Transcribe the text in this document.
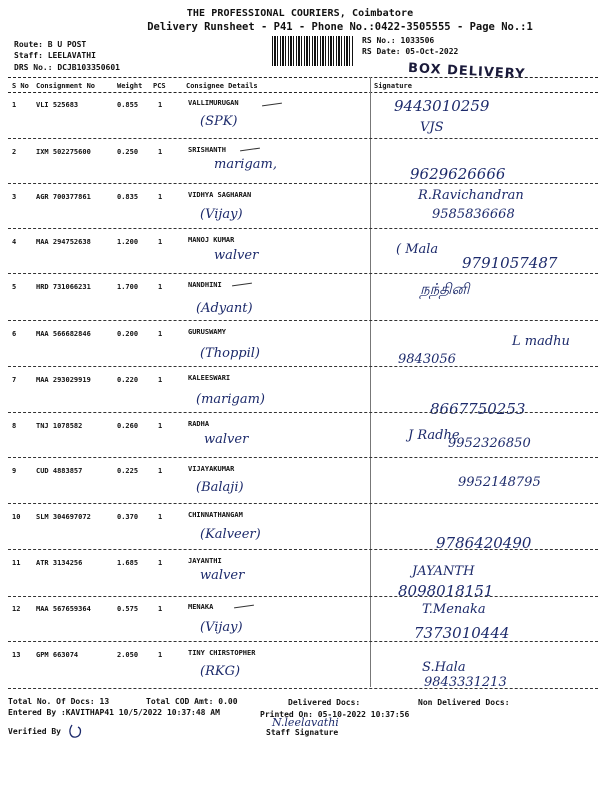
THE PROFESSIONAL COURIERS, Coimbatore
Delivery Runsheet - P41 - Phone No.:0422-3505555 - Page No.:1
Route: B U POST
Staff: LEELAVATHI
DRS No.: DCJB103350601
RS No.: 1033506
RS Date: 05-Oct-2022
BOX DELIVERY
S No Consignment No	Weight PCS	Consignee Details	Signature
1	VLI 525683	0.855	1	VALLIMURUGAN
(SPK)
9443010259
VJS
2	IXM 502275600	0.250	1	SRISHANTH
marigam,
9629626666
3	AGR 700377861	0.835	1	VIDHYA SAGHARAN
(Vijay)
R.Ravichandran
9585836668
4	MAA 294752638	1.200	1	MANOJ KUMAR
walver	( Mala
9791057487
5	HRD 731066231	1.700	1	NANDHINI
(Adyant)
நந்தினி
6	MAA 566682846	0.200	1	GURUSWAMY
(Thoppil)	9843056
L madhu
7	MAA 293029919	0.220	1	KALEESWARI
(marigam)
8667750253
8	TNJ 1078582	0.260	1	RADHA
walver	J Radhe
9952326850
9	CUD 4883857	0.225	1	VIJAYAKUMAR
(Balaji)	9952148795
10 SLM 304697072	0.370	1	CHINNATHANGAM
(Kalveer)	9786420490
11 ATR 3134256	1.685	1	JAYANTHI
walver	JAYANTH
8098018151
12 MAA 567659364	0.575	1	MENAKA
(Vijay)
T.Menaka
7373010444
13 GPM 663074	2.050	1	TINY CHIRSTOPHER
(RKG)	S.Hala
9843331213
Total No. Of Docs: 13	Total COD Amt: 0.00	Delivered Docs:	Non Delivered Docs:
Entered By :KAVITHAP41 10/5/2022 10:37:48 AM	Printed On: 05-10-2022 10:37:56
Verified By
N.leelavathi
Staff Signature
